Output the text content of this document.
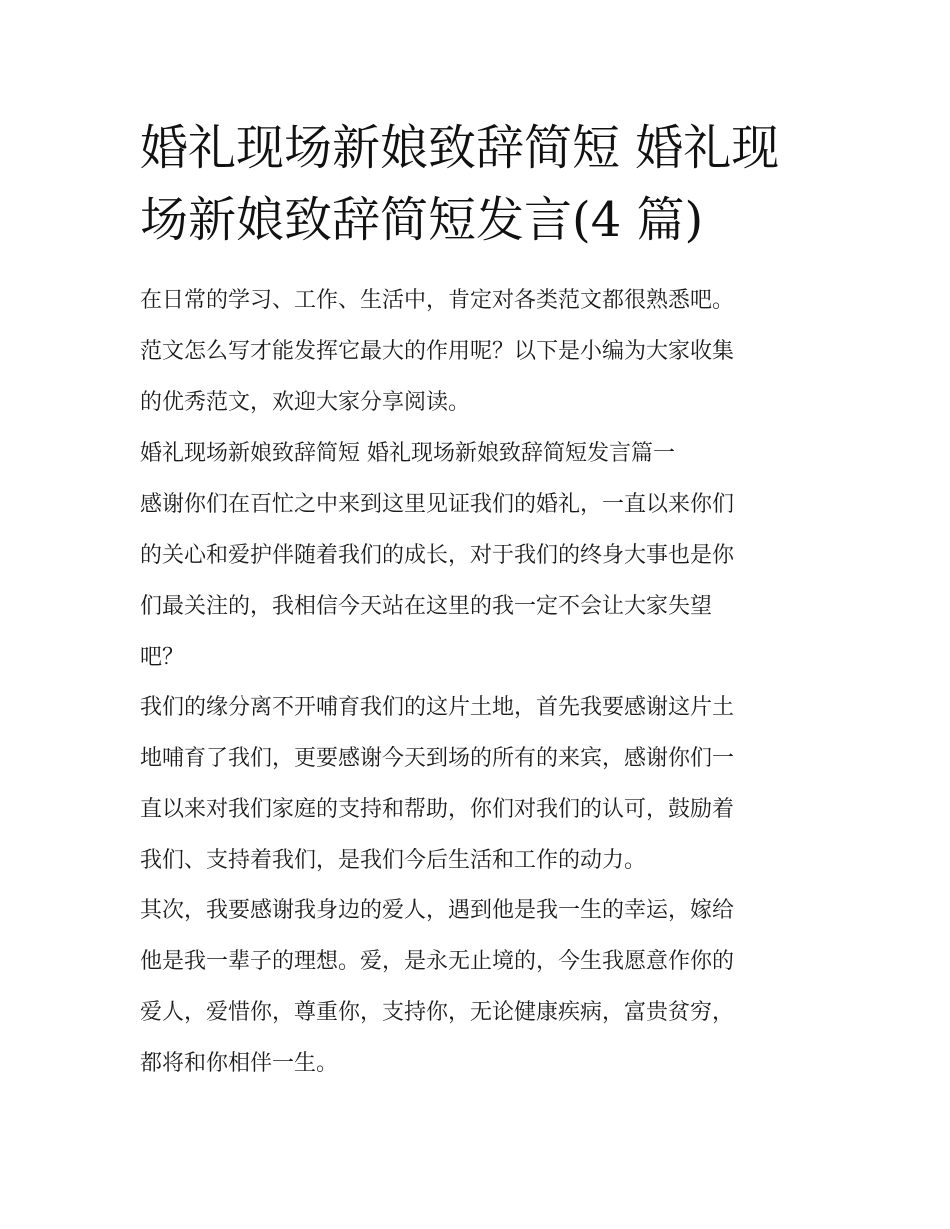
婚礼现场新娘致辞简短 婚礼现
场新娘致辞简短发言(4 篇)

在日常的学习、工作、生活中，肯定对各类范文都很熟悉吧。
范文怎么写才能发挥它最大的作用呢？以下是小编为大家收集
的优秀范文，欢迎大家分享阅读。

婚礼现场新娘致辞简短 婚礼现场新娘致辞简短发言篇一

感谢你们在百忙之中来到这里见证我们的婚礼，一直以来你们
的关心和爱护伴随着我们的成长，对于我们的终身大事也是你
们最关注的，我相信今天站在这里的我一定不会让大家失望
吧？

我们的缘分离不开哺育我们的这片土地，首先我要感谢这片土
地哺育了我们，更要感谢今天到场的所有的来宾，感谢你们一
直以来对我们家庭的支持和帮助，你们对我们的认可，鼓励着
我们、支持着我们，是我们今后生活和工作的动力。

其次，我要感谢我身边的爱人，遇到他是我一生的幸运，嫁给
他是我一辈子的理想。爱，是永无止境的，今生我愿意作你的
爱人，爱惜你，尊重你，支持你，无论健康疾病，富贵贫穷，
都将和你相伴一生。
